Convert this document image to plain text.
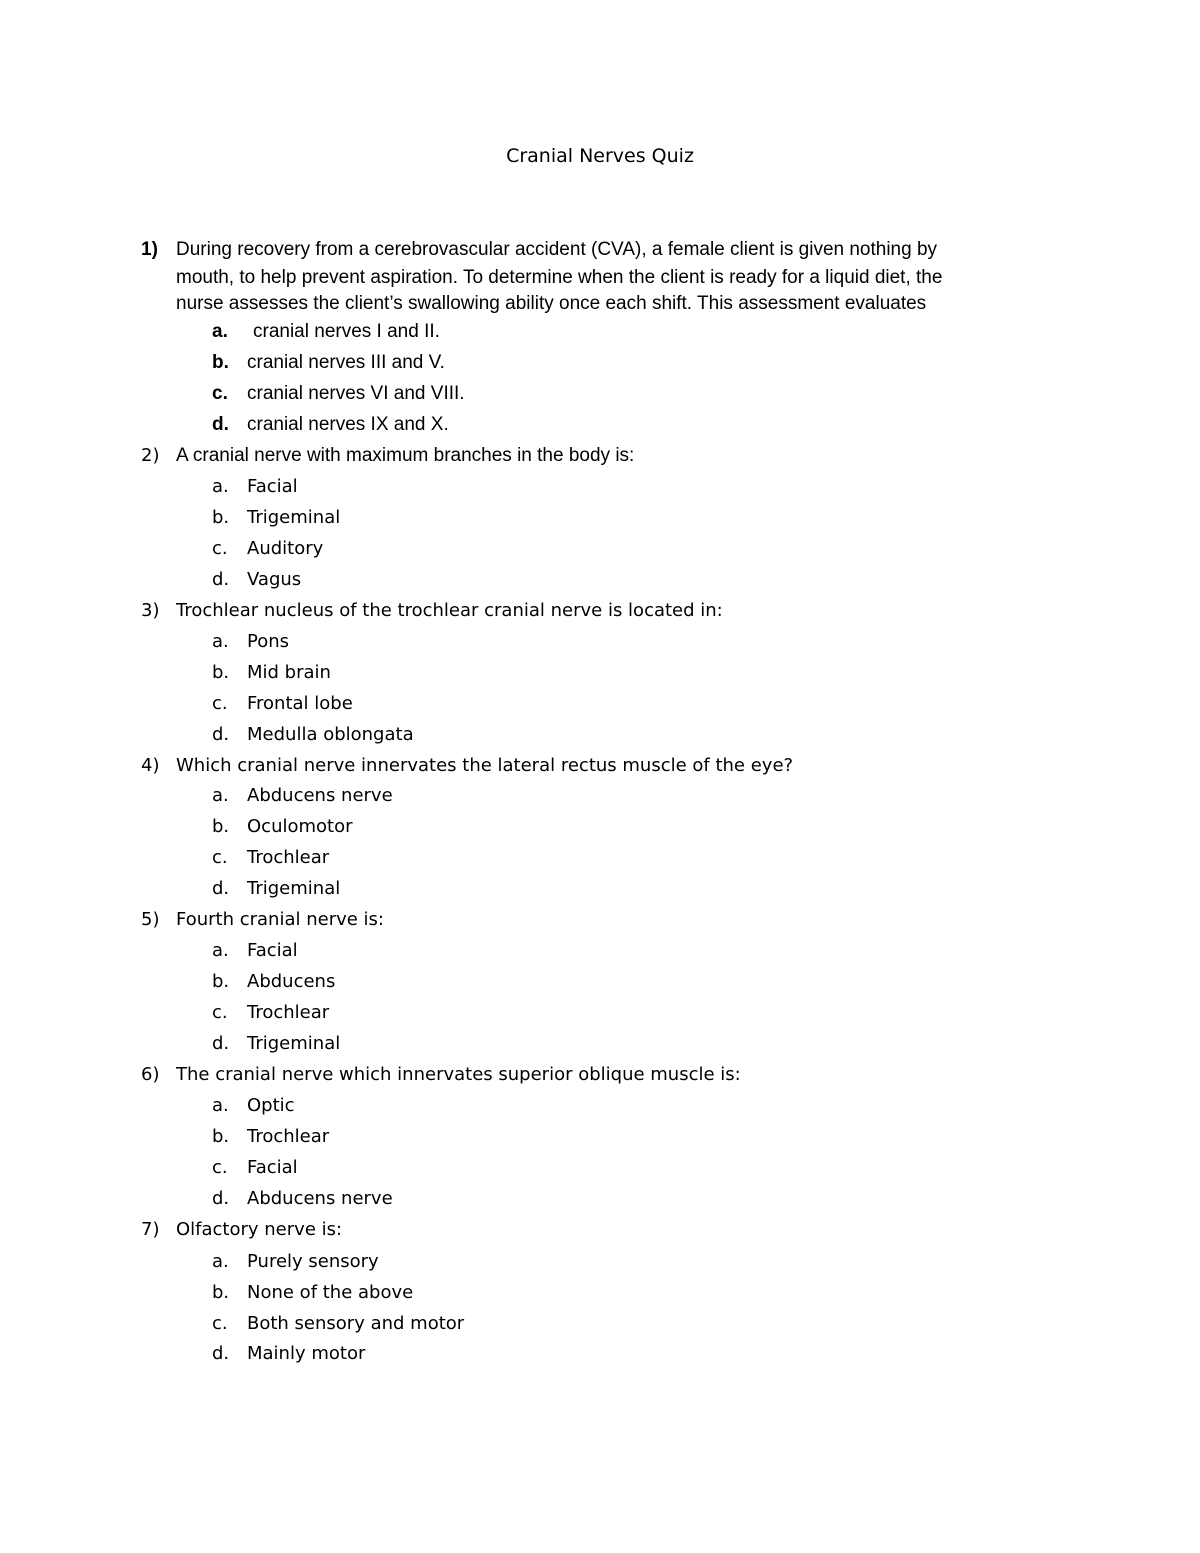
Cranial Nerves Quiz
1) During recovery from a cerebrovascular accident (CVA), a female client is given nothing by
mouth, to help prevent aspiration. To determine when the client is ready for a liquid diet, the
nurse assesses the client’s swallowing ability once each shift. This assessment evaluates
a. cranial nerves I and II.
b. cranial nerves III and V.
c. cranial nerves VI and VIII.
d. cranial nerves IX and X.
2) A cranial nerve with maximum branches in the body is:
a. Facial
b. Trigeminal
c. Auditory
d. Vagus
3) Trochlear nucleus of the trochlear cranial nerve is located in:
a. Pons
b. Mid brain
c. Frontal lobe
d. Medulla oblongata
4) Which cranial nerve innervates the lateral rectus muscle of the eye?
a. Abducens nerve
b. Oculomotor
c. Trochlear
d. Trigeminal
5) Fourth cranial nerve is:
a. Facial
b. Abducens
c. Trochlear
d. Trigeminal
6) The cranial nerve which innervates superior oblique muscle is:
a. Optic
b. Trochlear
c. Facial
d. Abducens nerve
7) Olfactory nerve is:
a. Purely sensory
b. None of the above
c. Both sensory and motor
d. Mainly motor
